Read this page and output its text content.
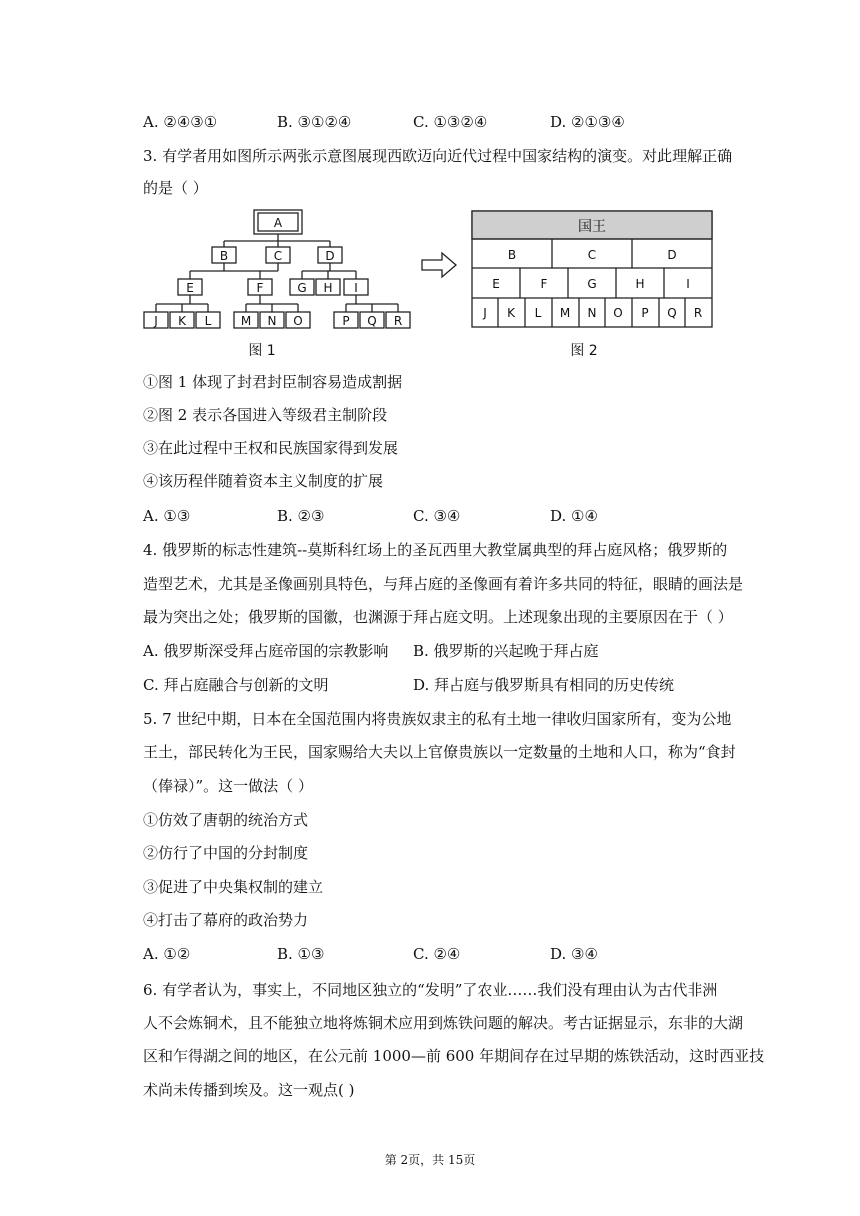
A. ②④③①	B. ③①②④	C. ①③②④	D. ②①③④
3. 有学者用如图所示两张示意图展现西欧迈向近代过程中国家结构的演变。对此理解正确
的是（ ）
A
B	C	D
E	F	G H I
J K L M N O	P Q R
图 1
国王
B	C	D
E	F	G	H	I
J K L M N O P Q R
图 2
①图 1 体现了封君封臣制容易造成割据
②图 2 表示各国进入等级君主制阶段
③在此过程中王权和民族国家得到发展
④该历程伴随着资本主义制度的扩展
A. ①③	B. ②③	C. ③④	D. ①④
4. 俄罗斯的标志性建筑--莫斯科红场上的圣瓦西里大教堂属典型的拜占庭风格；俄罗斯的
造型艺术，尤其是圣像画别具特色，与拜占庭的圣像画有着许多共同的特征，眼睛的画法是
最为突出之处；俄罗斯的国徽，也渊源于拜占庭文明。上述现象出现的主要原因在于（ ）
A. 俄罗斯深受拜占庭帝国的宗教影响 B. 俄罗斯的兴起晚于拜占庭
C. 拜占庭融合与创新的文明	D. 拜占庭与俄罗斯具有相同的历史传统
5. 7 世纪中期，日本在全国范围内将贵族奴隶主的私有土地一律收归国家所有，变为公地
王土，部民转化为王民，国家赐给大夫以上官僚贵族以一定数量的土地和人口，称为“食封
（俸禄）”。这一做法（ ）
①仿效了唐朝的统治方式
②仿行了中国的分封制度
③促进了中央集权制的建立
④打击了幕府的政治势力
A. ①②	B. ①③	C. ②④	D. ③④
6. 有学者认为，事实上，不同地区独立的“发明”了农业……我们没有理由认为古代非洲
人不会炼铜术，且不能独立地将炼铜术应用到炼铁问题的解决。考古证据显示，东非的大湖
区和乍得湖之间的地区，在公元前 1000—前 600 年期间存在过早期的炼铁活动，这时西亚技
术尚未传播到埃及。这一观点( )
第 2页，共 15页
